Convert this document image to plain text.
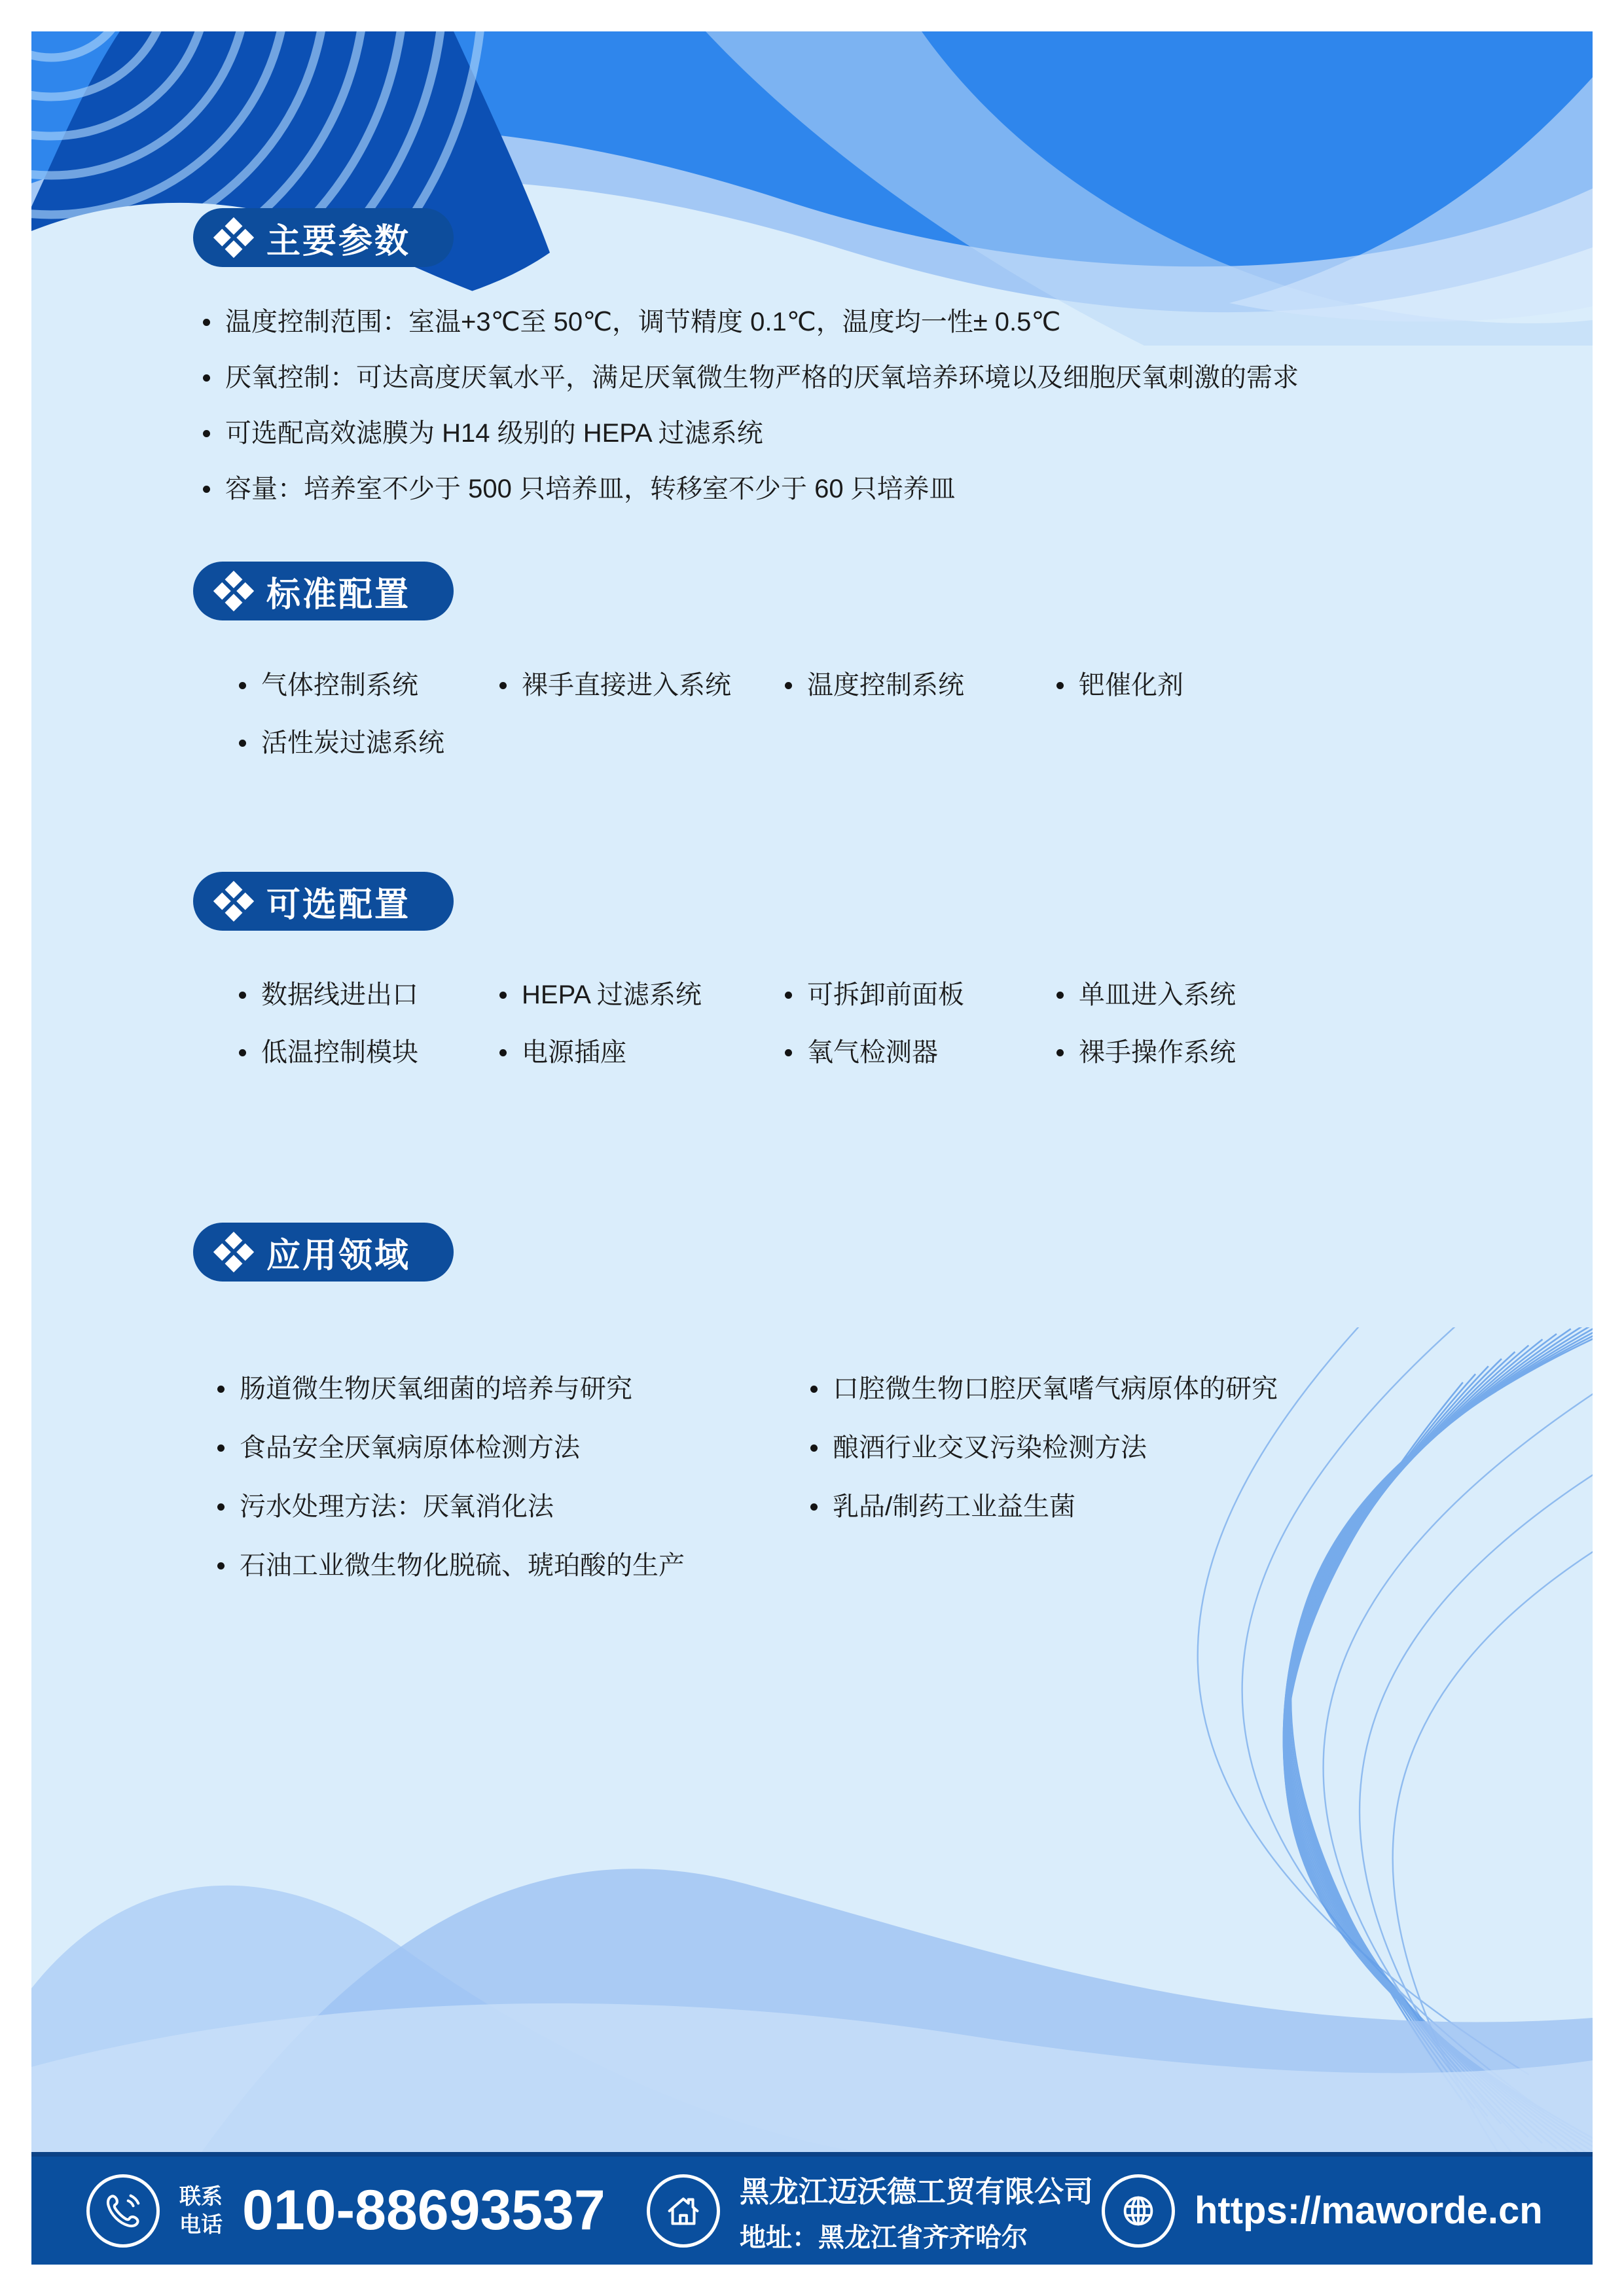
主要参数
温度控制范围：室温+3℃至 50℃，调节精度 0.1℃，温度均一性± 0.5℃
厌氧控制：可达高度厌氧水平，满足厌氧微生物严格的厌氧培养环境以及细胞厌氧刺激的需求
可选配高效滤膜为 H14 级别的 HEPA 过滤系统
容量：培养室不少于 500 只培养皿，转移室不少于 60 只培养皿
标准配置
气体控制系统	裸手直接进入系统	温度控制系统	钯催化剂
活性炭过滤系统
可选配置
数据线进出口	HEPA 过滤系统	可拆卸前面板	单皿进入系统
低温控制模块	电源插座	氧气检测器	裸手操作系统
应用领域
肠道微生物厌氧细菌的培养与研究
食品安全厌氧病原体检测方法
污水处理方法：厌氧消化法
石油工业微生物化脱硫、琥珀酸的生产
口腔微生物口腔厌氧嗜气病原体的研究
酿酒行业交叉污染检测方法
乳品/制药工业益生菌
联系
电话 010-88693537	黑龙江迈沃德工贸有限公司
地址：黑龙江省齐齐哈尔
https://maworde.cn
